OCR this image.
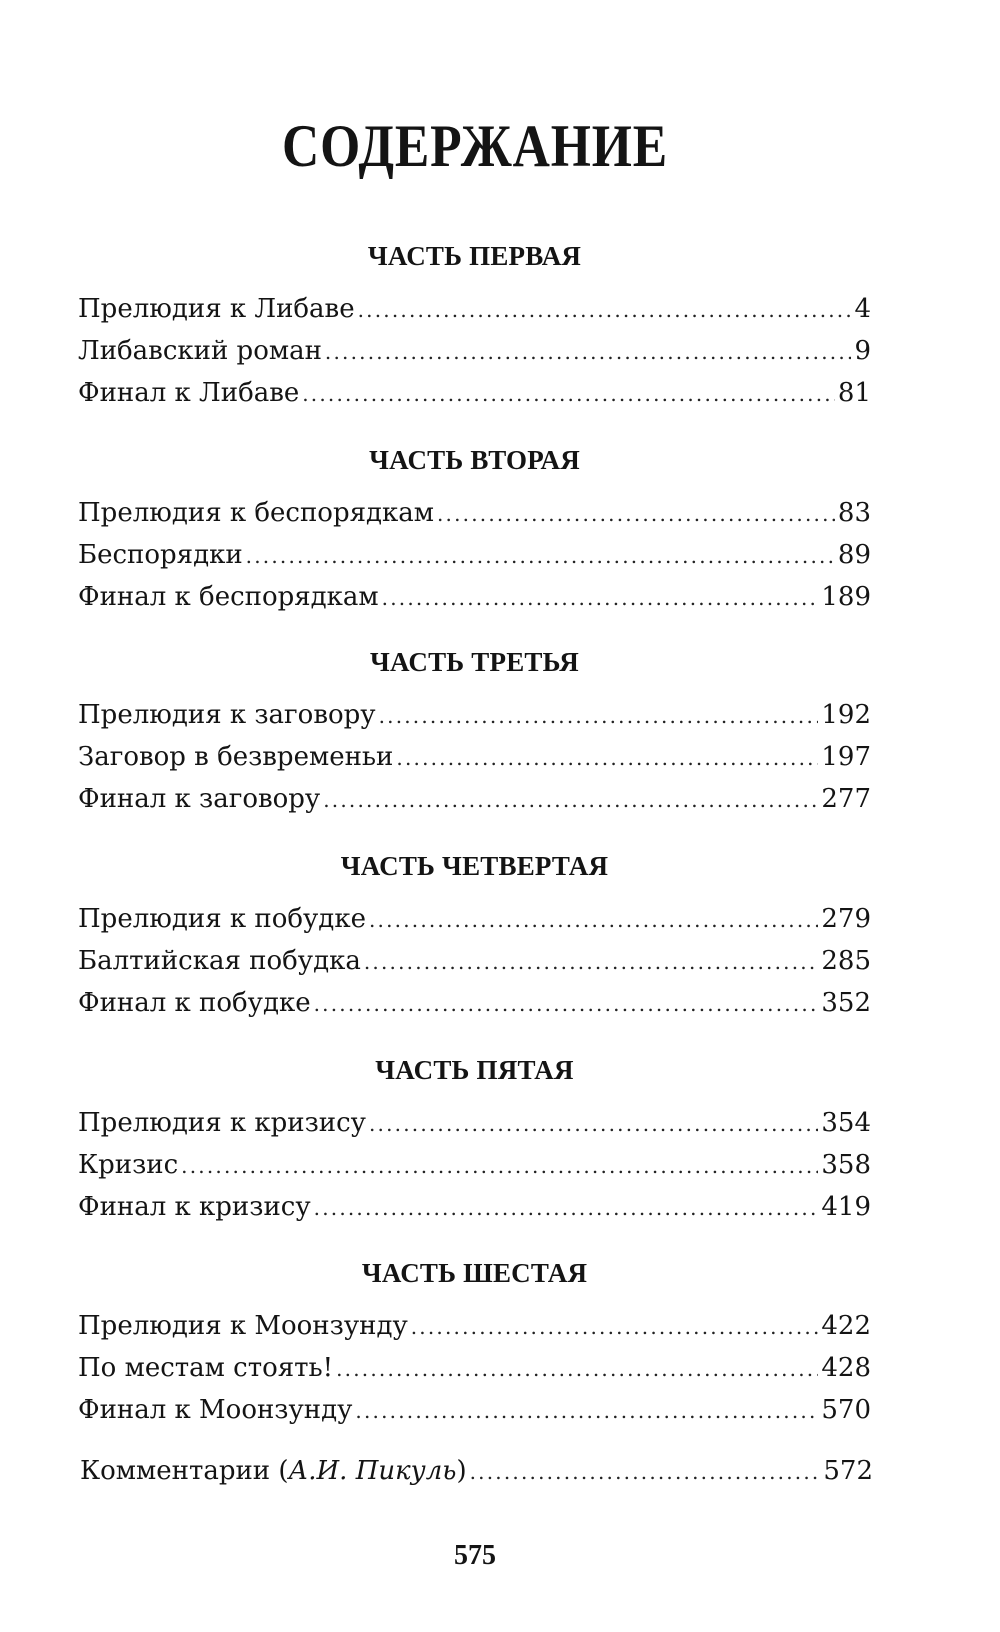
СОДЕРЖАНИЕ
ЧАСТЬ ПЕРВАЯ
Прелюдия к Либаве .....	4
Либавский роман .....	9
Финал к Либаве .....	81
ЧАСТЬ ВТОРАЯ
Прелюдия к беспорядкам .....	83
Беспорядки .....	89
Финал к беспорядкам .....	189
ЧАСТЬ ТРЕТЬЯ
Прелюдия к заговору .....	192
Заговор в безвременьи .....	197
Финал к заговору .....	277
ЧАСТЬ ЧЕТВЕРТАЯ
Прелюдия к побудке .....	279
Балтийская побудка .....	285
Финал к побудке .....	352
ЧАСТЬ ПЯТАЯ
Прелюдия к кризису .....	354
Кризис .....	358
Финал к кризису .....	419
ЧАСТЬ ШЕСТАЯ
Прелюдия к Моонзунду .....	422
По местам стоять! .....	428
Финал к Моонзунду .....	570
Комментарии (А.И. Пикуль) .....	572
575
